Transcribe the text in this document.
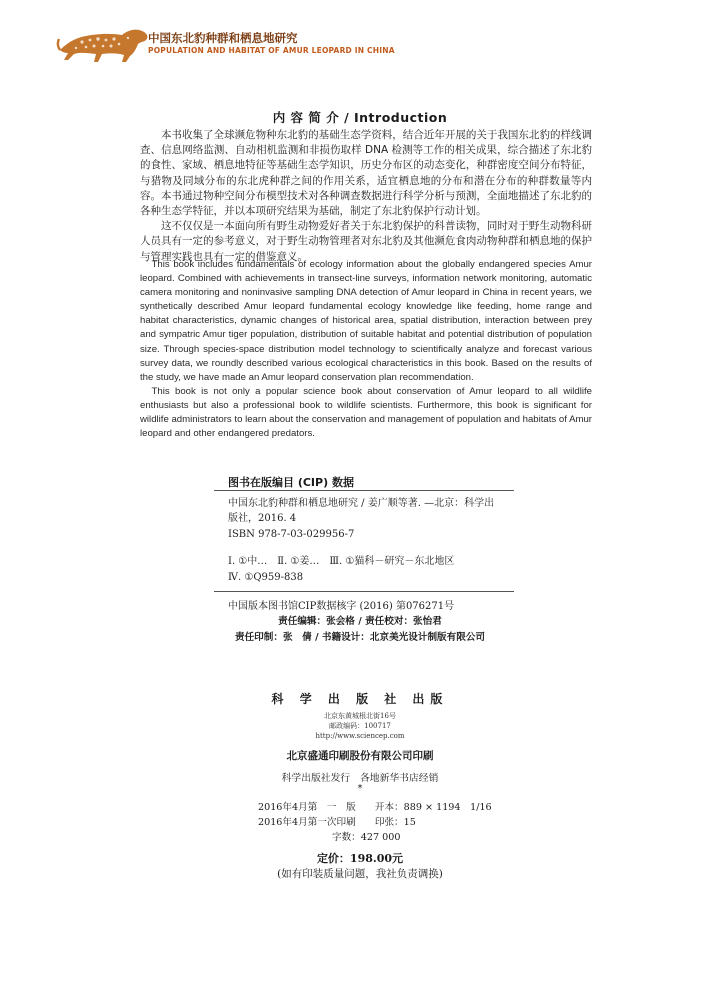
中国东北豹种群和栖息地研究
POPULATION AND HABITAT OF AMUR LEOPARD IN CHINA
内 容 简 介 / Introduction

本书收集了全球濒危物种东北豹的基础生态学资料，结合近年开展的关于我国东北豹的样线调查、信息网络监测、自动相机监测和非损伤取样 DNA 检测等工作的相关成果，综合描述了东北豹的食性、家域、栖息地特征等基础生态学知识，历史分布区的动态变化，种群密度空间分布特征，与猎物及同域分布的东北虎种群之间的作用关系，适宜栖息地的分布和潜在分布的种群数量等内容。本书通过物种空间分布模型技术对各种调查数据进行科学分析与预测，全面地描述了东北豹的各种生态学特征，并以本项研究结果为基础，制定了东北豹保护行动计划。

这不仅仅是一本面向所有野生动物爱好者关于东北豹保护的科普读物，同时对于野生动物科研人员具有一定的参考意义，对于野生动物管理者对东北豹及其他濒危食肉动物种群和栖息地的保护与管理实践也具有一定的借鉴意义。

This book includes fundamentals of ecology information about the globally endangered species Amur leopard. Combined with achievements in transect-line surveys, information network monitoring, automatic camera monitoring and noninvasive sampling DNA detection of Amur leopard in China in recent years, we synthetically described Amur leopard fundamental ecology knowledge like feeding, home range and habitat characteristics, dynamic changes of historical area, spatial distribution, interaction between prey and sympatric Amur tiger population, distribution of suitable habitat and potential distribution of population size. Through species-space distribution model technology to scientifically analyze and forecast various survey data, we roundly described various ecological characteristics in this book. Based on the results of the study, we have made an Amur leopard conservation plan recommendation.

This book is not only a popular science book about conservation of Amur leopard to all wildlife enthusiasts but also a professional book to wildlife scientists. Furthermore, this book is significant for wildlife administrators to learn about the conservation and management of population and habitats of Amur leopard and other endangered predators.

图书在版编目 (CIP) 数据
中国东北豹种群和栖息地研究 / 姜广顺等著. —北京：科学出版社，2016. 4
ISBN 978-7-03-029956-7
Ⅰ. ①中…　Ⅱ. ①姜…　Ⅲ. ①猫科－研究－东北地区
Ⅳ. ①Q959-838
中国版本图书馆CIP数据核字 (2016) 第076271号
责任编辑：张会格 / 责任校对：张怡君
责任印制：张　倩 / 书籍设计：北京美光设计制版有限公司
科 学 出 版 社 出版
北京东黄城根北街16号
邮政编码：100717
http://www.sciencep.com
北京盛通印刷股份有限公司印刷
科学出版社发行　各地新华书店经销
*
2016年4月第　一　版　　开本：889 × 1194　1/16
2016年4月第一次印刷　　印张：15
字数：427 000
定价：198.00元
(如有印装质量问题，我社负责调换)
